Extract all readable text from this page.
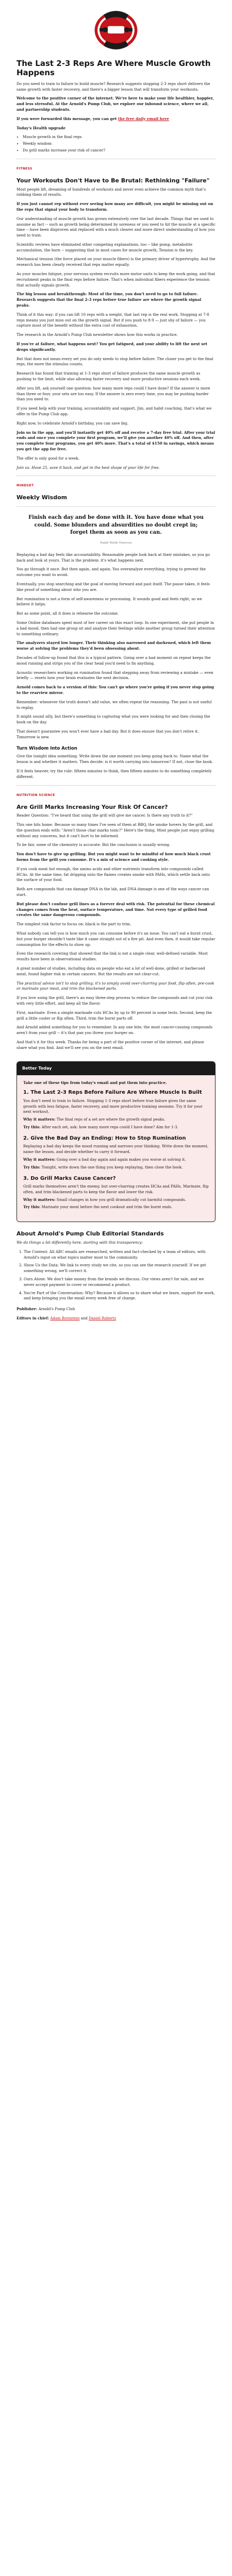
The Last 2-3 Reps Are Where Muscle Growth Happens

Do you need to train to failure to build muscle? Research suggests stopping 2-3 reps short delivers the same growth with faster recovery, and there's a bigger lesson that will transform your workouts.

Welcome to the positive corner of the internet. We're here to make your life healthier, happier, and less stressful. At the Arnold's Pump Club, we explore our inbound science, where we all, and partnership students.

If you were forwarded this message, you can get the free daily email here

Today's Health upgrade

• Muscle growth in the final reps
• Weekly wisdom
• Do grill marks increase your risk of cancer?
FITNESS
Your Workouts Don't Have to Be Brutal: Rethinking "Failure"

Most people lift, dreaming of hundreds of workouts and never even achieve the common myth that's robbing them of results.

If you just cannot rep without ever seeing how many are difficult, you might be missing out on the reps that signal your body to transform.

Our understanding of muscle growth has grown extensively over the last decade. Things that we used to assume as fact -- such as growth being determined by soreness or you need to hit the muscle at a specific time -- have been disproven and replaced with a much clearer and more direct understanding of how you need to train.

Scientific reviews have eliminated other competing explanations, too -- like pump, metabolite accumulation, the burn -- suggesting that in most cases for muscle growth, Tension is the key.

Mechanical tension (the force placed on your muscle fibers) is the primary driver of hypertrophy. And the research has been clearly received that reps matter equally.

As your muscles fatigue, your nervous system recruits more motor units to keep the work going, and that recruitment peaks in the final reps before failure. That's when individual fibers experience the tension that actually signals growth.

The big lesson and breakthrough: Most of the time, you don't need to go to full failure. Research suggests that the final 2-3 reps before true failure are where the growth signal peaks.

Think of it this way: if you can lift 10 reps with a weight, that last rep is the real work. Stopping at 7-8 reps means you just miss out on the growth signal. But if you push to 8-9 — just shy of failure — you capture most of the benefit without the extra cost of exhaustion.

The research in the Arnold's Pump Club newsletter shows how this works in practice.

If you're at failure, what happens next? You get fatigued, and your ability to lift the next set drops significantly.

But that does not mean every set you do only needs to stop before failure. The closer you get to the final reps, the more the stimulus counts.

Research has found that training at 1-3 reps short of failure produces the same muscle growth as pushing to the limit, while also allowing faster recovery and more productive sessions each week.

After you lift, ask yourself one question: how many more reps could I have done? If the answer is more than three or four, your sets are too easy. If the answer is zero every time, you may be pushing harder than you need to.

If you need help with your training, accountability and support, Jim, and habit coaching, that's what we offer in the Pump Club app.

Right now, to celebrate Arnold's birthday, you can save big.

Join us in the app, and you'll instantly get 40% off and receive a 7-day free trial. After your trial ends and once you complete your first program, we'll give you another 40% off. And then, after you complete four programs, you get 40% more. That's a total of $150 in savings, which means you get the app for free.

The offer is only good for a week.

Join us. Have 25, save it back, and get in the best shape of your life for free.

MINDSET
Weekly Wisdom
Finish each day and be done with it. You have done what you could. Some blunders and absurdities no doubt crept in; forget them as soon as you can.
Ralph Waldo Emerson

Replaying a bad day feels like accountability. Reasonable people look back at their mistakes, so you go back and look at yours. That is the problem: it's what happens next.

You go through it once. But then again, and again. You overanalyze everything, trying to prevent the outcome you want to avoid.

Eventually, you stop searching and the goal of moving forward and past itself. The pause takes, it feels like proof of something about who you are.

But rumination is not a form of self-awareness or processing. It sounds good and feels right, so we believe it helps.

But as some point, all it does is rehearse the outcome.

Some Online databases spent most of her career on this exact loop. In one experiment, she put people in a bad mood, then had one group sit and analyze their feelings while another group turned their attention to something ordinary.

The analyzers stayed low longer. Their thinking also narrowed and darkened, which left them worse at solving the problems they'd been obsessing about.

Decades of follow-up found that this is a typical pattern. Going over a bad moment on repeat keeps the mood running and strips you of the clear head you'd need to fix anything.

Acoustic researchers working on rumination found that stepping away from reviewing a mistake — even briefly — resets how your brain evaluates the next decision.

Arnold comes back to a version of this: You can't go where you're going if you never stop going to the rearview mirror.

Remember: whenever the truth doesn't add value, we often repeat the reasoning. The past is not useful to replay.

It might sound silly, but there's something to capturing what you were looking for and then closing the book on the day.

That doesn't guarantee you won't ever have a bad day. But it does ensure that you don't relive it. Tomorrow is new.

Turn Wisdom Into Action

Give the tonight idea something. Write down the one moment you keep going back to. Name what the lesson is and whether it matters. Then decide: is it worth carrying into tomorrow? If not, close the book.

If it feels heavier, try the rule: fifteen minutes to think, then fifteen minutes to do something completely different.

NUTRITION SCIENCE
Are Grill Marks Increasing Your Risk Of Cancer?

Reader Question: "I've heard that using the grill will give me cancer. Is there any truth to it?"

This one hits home. Because so many times I've seen of them at BBQ, the smoke hovers by the grill, and the question ends with: "Aren't those char marks toxic?" Here's the thing. Most people just enjoy grilling without any concerns, but it can't hurt to be informed.

To be fair, some of the chemistry is accurate. But the conclusion is usually wrong.

You don't have to give up grilling. But you might want to be mindful of how much black crust forms from the grill you consume. It's a mix of science and cooking style.

If you cook meat hot enough, the amino acids and other nutrients transform into compounds called HCAs. At the same time, fat dripping onto the flames creates smoke with PAHs, which settle back onto the surface of your food.

Both are compounds that can damage DNA in the lab, and DNA damage is one of the ways cancer can start.

But please don't confuse grill lines as a forever deal with risk. The potential for these chemical changes comes from the heat, surface temperature, and time. Not every type of grilled food creates the same dangerous compounds.

The simplest risk factor to focus on: black is the part to trim.

What nobody can tell you is how much you can consume before it's an issue. You can't eat a burnt crust, but your burger shouldn't taste like it came straight out of a fire pit. And even then, it would take regular consumption for the effects to show up.

Even the research covering that showed that the link is not a single clear, well-defined variable. Most results have been in observational studies.

A great number of studies, including data on people who eat a lot of well-done, grilled or barbecued meat, found higher risk in certain cancers. But the results are not clear-cut.

The practical advice isn't to stop grilling; it's to simply avoid over-charring your food, flip often, pre-cook or marinate your meat, and trim the blackened parts.

If you love using the grill, there's an easy three-step process to reduce the compounds and cut your risk with very little effort, and keep all the flavor.

First, marinate. Even a simple marinade cuts HCAs by up to 90 percent in some tests. Second, keep the grill a little cooler or flip often. Third, trim the burnt parts off.

And Arnold added something for you to remember. In any one bite, the most cancer-causing compounds aren't from your grill -- it's that pan you threw your burger on.

And that's it for this week. Thanks for being a part of the positive corner of the internet, and please share what you find. And we'll see you on the next email.

Better Today

Take one of these tips from today's email and put them into practice.

1. The Last 2-3 Reps Before Failure Are Where Muscle Is Built

You don't need to train to failure. Stopping 1-3 reps short before true failure gives the same growth with less fatigue, faster recovery, and more productive training sessions. Try it for your next workout.

Why it matters: The final reps of a set are where the growth signal peaks.

Try this: After each set, ask: how many more reps could I have done? Aim for 1-3.

2. Give the Bad Day an Ending: How to Stop Rumination

Replaying a bad day keeps the mood running and narrows your thinking. Write down the moment, name the lesson, and decide whether to carry it forward.

Why it matters: Going over a bad day again and again makes you worse at solving it.

Try this: Tonight, write down the one thing you keep replaying, then close the book.

3. Do Grill Marks Cause Cancer?

Grill marks themselves aren't the enemy, but over-charring creates HCAs and PAHs. Marinate, flip often, and trim blackened parts to keep the flavor and lower the risk.

Why it matters: Small changes in how you grill dramatically cut harmful compounds.

Try this: Marinate your meat before the next cookout and trim the burnt ends.

About Arnold's Pump Club Editorial Standards

We do things a bit differently here, starting with this transparency:

1. The Content: All ABC emails are researched, written and fact-checked by a team of editors, with Arnold's input on what topics matter most to the community.
2. Show Us the Data: We link to every study we cite, so you can see the research yourself. If we get something wrong, we'll correct it.
3. Ours Alone: We don't take money from the brands we discuss. Our views aren't for sale, and we never accept payment to cover or recommend a product.
4. You're Part of the Conversation: Why? Because it allows us to share what we learn, support the work, and keep bringing you the email every week free of charge.

Publisher: Arnold's Pump Club

Editors in chief: Adam Bornstein and Daniel Roberts
